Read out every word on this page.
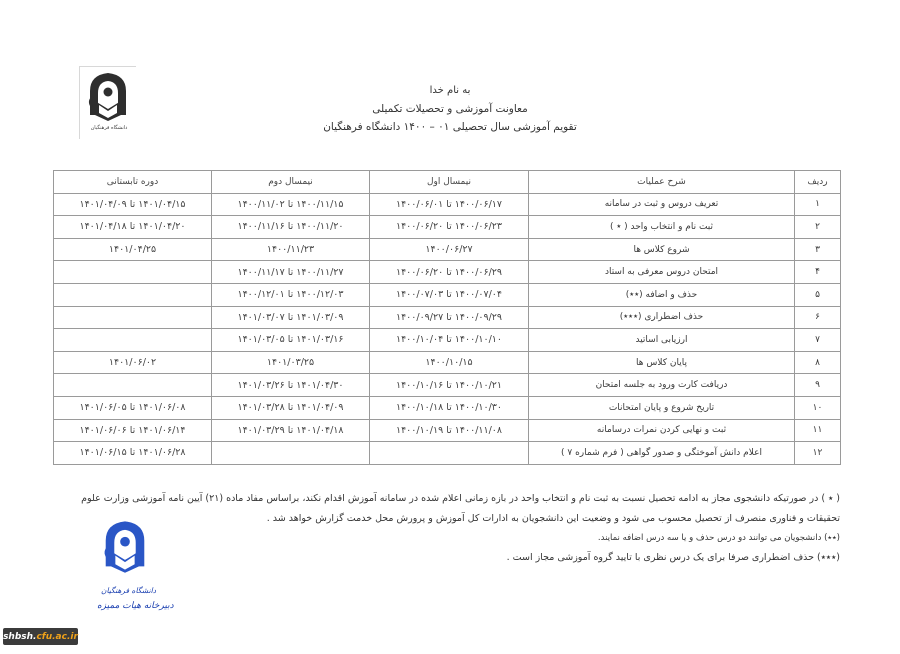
دانشگاه فرهنگیان
به نام خدا
معاونت آموزشی و تحصیلات تکمیلی
تقویم آموزشی سال تحصیلی ۰۱ – ۱۴۰۰ دانشگاه فرهنگیان
ردیف	شرح عملیات	نیمسال اول	نیمسال دوم	دوره تابستانی
۱	تعریف دروس و ثبت در سامانه	۱۴۰۰/۰۶/۱۷ تا ۱۴۰۰/۰۶/۰۱	۱۴۰۰/۱۱/۱۵ تا ۱۴۰۰/۱۱/۰۲	۱۴۰۱/۰۴/۱۵ تا ۱۴۰۱/۰۴/۰۹
۲	ثبت نام و انتخاب واحد ( ٭ )	۱۴۰۰/۰۶/۲۳ تا ۱۴۰۰/۰۶/۲۰	۱۴۰۰/۱۱/۲۰ تا ۱۴۰۰/۱۱/۱۶	۱۴۰۱/۰۴/۲۰ تا ۱۴۰۱/۰۴/۱۸
۳	شروع کلاس ها	۱۴۰۰/۰۶/۲۷	۱۴۰۰/۱۱/۲۳	۱۴۰۱/۰۴/۲۵
۴	امتحان دروس معرفی به استاد	۱۴۰۰/۰۶/۲۹ تا ۱۴۰۰/۰۶/۲۰	۱۴۰۰/۱۱/۲۷ تا ۱۴۰۰/۱۱/۱۷	
۵	حذف و اضافه (٭٭)	۱۴۰۰/۰۷/۰۴ تا ۱۴۰۰/۰۷/۰۳	۱۴۰۰/۱۲/۰۳ تا ۱۴۰۰/۱۲/۰۱	
۶	حذف اضطراری (٭٭٭)	۱۴۰۰/۰۹/۲۹ تا ۱۴۰۰/۰۹/۲۷	۱۴۰۱/۰۳/۰۹ تا ۱۴۰۱/۰۳/۰۷	
۷	ارزیابی اساتید	۱۴۰۰/۱۰/۱۰ تا ۱۴۰۰/۱۰/۰۴	۱۴۰۱/۰۳/۱۶ تا ۱۴۰۱/۰۳/۰۵	
۸	پایان کلاس ها	۱۴۰۰/۱۰/۱۵	۱۴۰۱/۰۳/۲۵	۱۴۰۱/۰۶/۰۲
۹	دریافت کارت ورود به جلسه امتحان	۱۴۰۰/۱۰/۲۱ تا ۱۴۰۰/۱۰/۱۶	۱۴۰۱/۰۴/۳۰ تا ۱۴۰۱/۰۳/۲۶	
۱۰	تاریخ شروع و پایان امتحانات	۱۴۰۰/۱۰/۳۰ تا ۱۴۰۰/۱۰/۱۸	۱۴۰۱/۰۴/۰۹ تا ۱۴۰۱/۰۳/۲۸	۱۴۰۱/۰۶/۰۸ تا ۱۴۰۱/۰۶/۰۵
۱۱	ثبت و نهایی کردن نمرات درسامانه	۱۴۰۰/۱۱/۰۸ تا ۱۴۰۰/۱۰/۱۹	۱۴۰۱/۰۴/۱۸ تا ۱۴۰۱/۰۳/۲۹	۱۴۰۱/۰۶/۱۴ تا ۱۴۰۱/۰۶/۰۶
۱۲	اعلام دانش آموختگی و صدور گواهی ( فرم شماره ۷ )			۱۴۰۱/۰۶/۲۸ تا ۱۴۰۱/۰۶/۱۵
( ٭ ) در صورتیکه دانشجوی مجاز به ادامه تحصیل نسبت به ثبت نام و انتخاب واحد در بازه زمانی اعلام شده در سامانه آموزش اقدام نکند، براساس مفاد ماده (۲۱) آیین نامه آموزشی وزارت علوم
تحقیقات و فناوری منصرف از تحصیل محسوب می شود و وضعیت این دانشجویان به ادارات کل آموزش و پرورش محل خدمت گزارش خواهد شد .
(٭٭) دانشجویان می توانند دو درس حذف و یا سه درس اضافه نمایند.
(٭٭٭) حذف اضطراری صرفا برای یک درس نظری با تایید گروه آموزشی مجاز است .
دانشگاه فرهنگیان
دبیرخانه هیات ممیزه
shbsh. cfu.ac.ir
